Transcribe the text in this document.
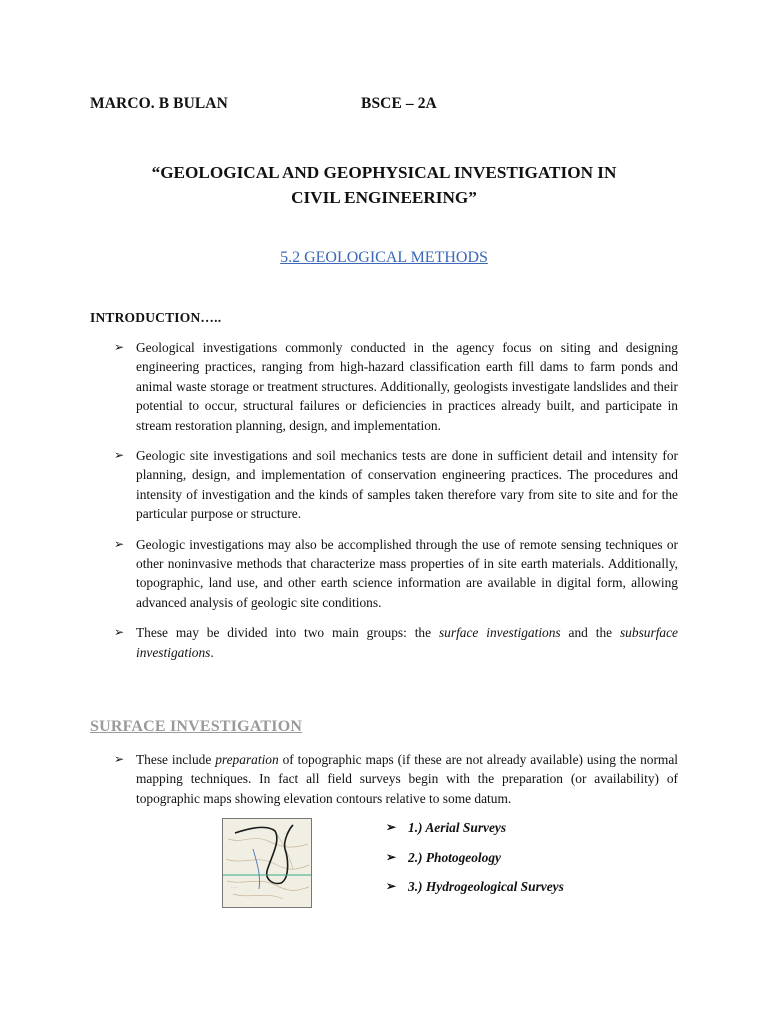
MARCO. B BULAN	BSCE – 2A
“GEOLOGICAL AND GEOPHYSICAL INVESTIGATION IN
CIVIL ENGINEERING”
5.2 GEOLOGICAL METHODS
INTRODUCTION…..
➢ Geological investigations commonly conducted in the agency focus on siting and designing engineering practices, ranging from high-hazard classification earth fill dams to farm ponds and animal waste storage or treatment structures. Additionally, geologists investigate landslides and their potential to occur, structural failures or deficiencies in practices already built, and participate in stream restoration planning, design, and implementation.
➢ Geologic site investigations and soil mechanics tests are done in sufficient detail and intensity for planning, design, and implementation of conservation engineering practices. The procedures and intensity of investigation and the kinds of samples taken therefore vary from site to site and for the particular purpose or structure.
➢ Geologic investigations may also be accomplished through the use of remote sensing techniques or other noninvasive methods that characterize mass properties of in site earth materials. Additionally, topographic, land use, and other earth science information are available in digital form, allowing advanced analysis of geologic site conditions.
➢ These may be divided into two main groups: the surface investigations and the subsurface investigations.
SURFACE INVESTIGATION
➢ These include preparation of topographic maps (if these are not already available) using the normal mapping techniques. In fact all field surveys begin with the preparation (or availability) of topographic maps showing elevation contours relative to some datum.
·· ··
···	➢ 1.) Aerial Surveys
➢ 2.) Photogeology
➢ 3.) Hydrogeological Surveys
